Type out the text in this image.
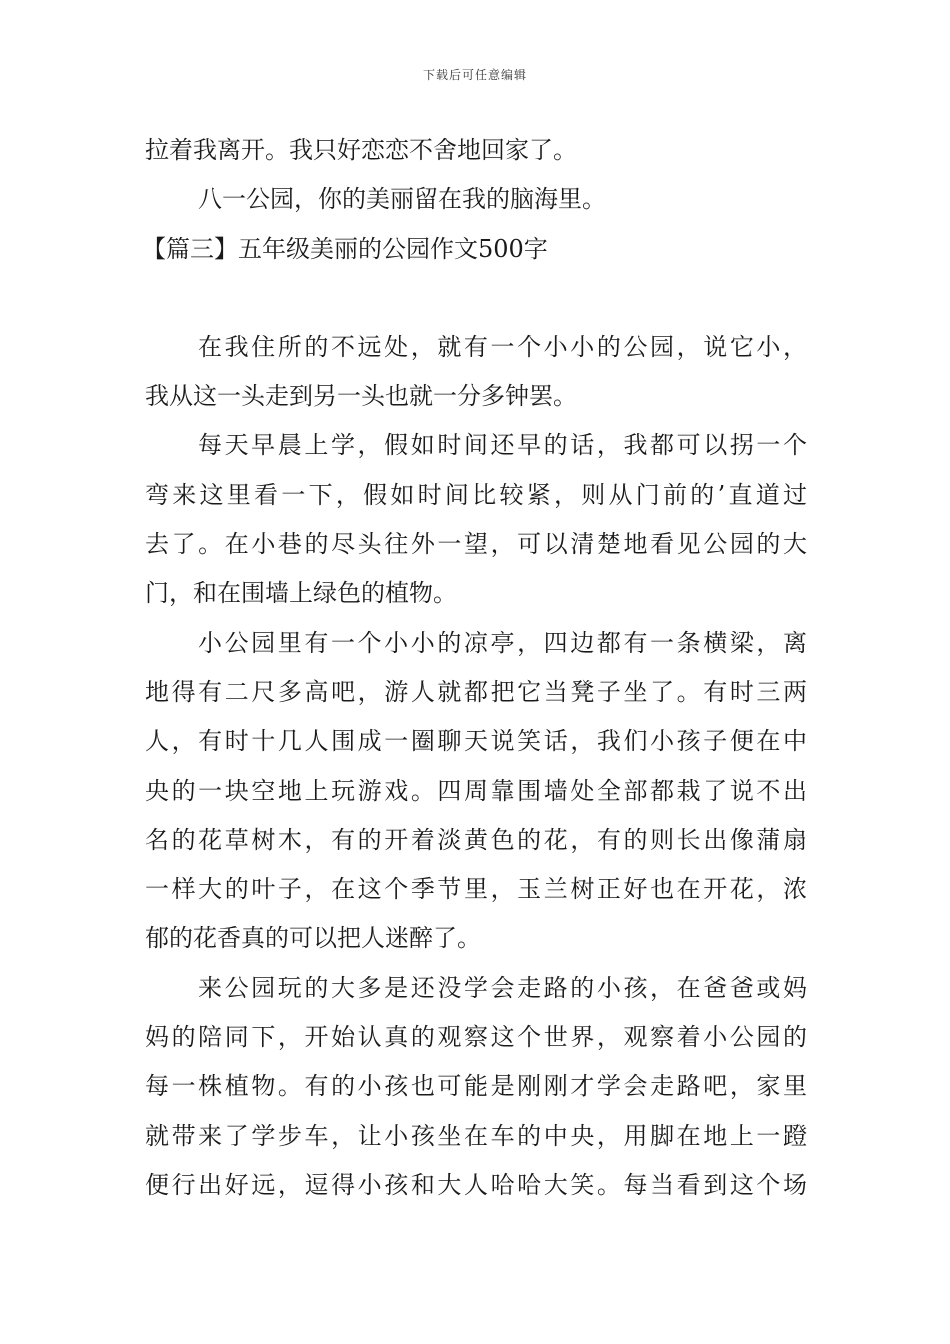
下载后可任意编辑
拉着我离开。我只好恋恋不舍地回家了。
八一公园，你的美丽留在我的脑海里。
【篇三】五年级美丽的公园作文500字
在我住所的不远处，就有一个小小的公园，说它小，
我从这一头走到另一头也就一分多钟罢。
每天早晨上学，假如时间还早的话，我都可以拐一个
弯来这里看一下，假如时间比较紧，则从门前的’直道过
去了。在小巷的尽头往外一望，可以清楚地看见公园的大
门，和在围墙上绿色的植物。
小公园里有一个小小的凉亭，四边都有一条横梁，离
地得有二尺多高吧，游人就都把它当凳子坐了。有时三两
人，有时十几人围成一圈聊天说笑话，我们小孩子便在中
央的一块空地上玩游戏。四周靠围墙处全部都栽了说不出
名的花草树木，有的开着淡黄色的花，有的则长出像蒲扇
一样大的叶子，在这个季节里，玉兰树正好也在开花，浓
郁的花香真的可以把人迷醉了。
来公园玩的大多是还没学会走路的小孩，在爸爸或妈
妈的陪同下，开始认真的观察这个世界，观察着小公园的
每一株植物。有的小孩也可能是刚刚才学会走路吧，家里
就带来了学步车，让小孩坐在车的中央，用脚在地上一蹬
便行出好远，逗得小孩和大人哈哈大笑。每当看到这个场
